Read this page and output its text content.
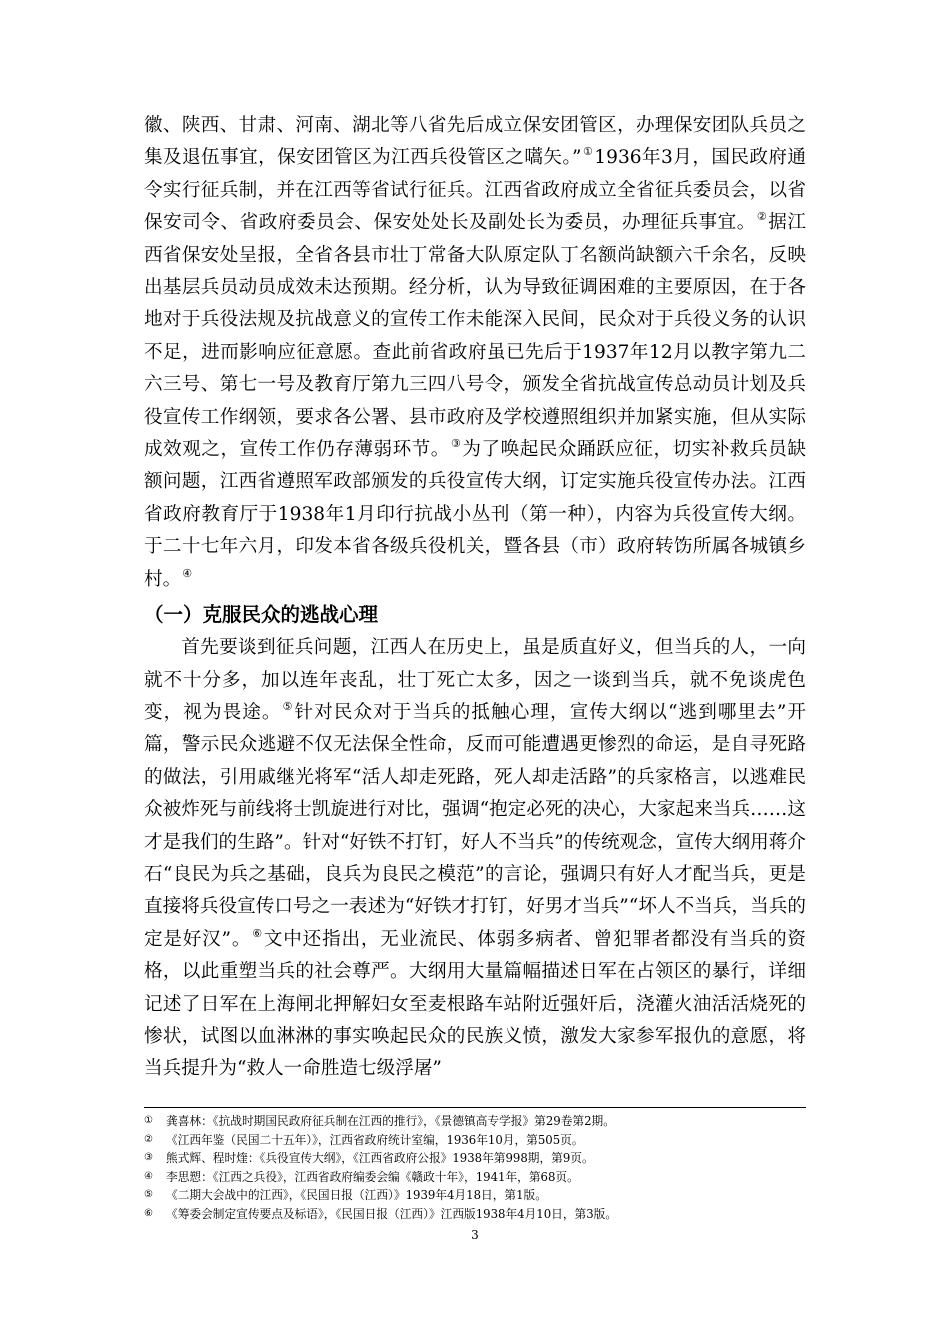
徽、陕西、甘肃、河南、湖北等八省先后成立保安团管区，办理保安团队兵员之集及退伍事宜，保安团管区为江西兵役管区之嚆矢。”①1936年3月，国民政府通令实行征兵制，并在江西等省试行征兵。江西省政府成立全省征兵委员会，以省保安司令、省政府委员会、保安处处长及副处长为委员，办理征兵事宜。②据江西省保安处呈报，全省各县市壮丁常备大队原定队丁名额尚缺额六千余名，反映出基层兵员动员成效未达预期。经分析，认为导致征调困难的主要原因，在于各地对于兵役法规及抗战意义的宣传工作未能深入民间，民众对于兵役义务的认识不足，进而影响应征意愿。查此前省政府虽已先后于1937年12月以教字第九二六三号、第七一号及教育厅第九三四八号令，颁发全省抗战宣传总动员计划及兵役宣传工作纲领，要求各公署、县市政府及学校遵照组织并加紧实施，但从实际成效观之，宣传工作仍存薄弱环节。③为了唤起民众踊跃应征，切实补救兵员缺额问题，江西省遵照军政部颁发的兵役宣传大纲，订定实施兵役宣传办法。江西省政府教育厅于1938年1月印行抗战小丛刊（第一种），内容为兵役宣传大纲。于二十七年六月，印发本省各级兵役机关，暨各县（市）政府转饬所属各城镇乡村。④

（一）克服民众的逃战心理

首先要谈到征兵问题，江西人在历史上，虽是质直好义，但当兵的人，一向就不十分多，加以连年丧乱，壮丁死亡太多，因之一谈到当兵，就不免谈虎色变，视为畏途。⑤针对民众对于当兵的抵触心理，宣传大纲以“逃到哪里去”开篇，警示民众逃避不仅无法保全性命，反而可能遭遇更惨烈的命运，是自寻死路的做法，引用戚继光将军“活人却走死路，死人却走活路”的兵家格言，以逃难民众被炸死与前线将士凯旋进行对比，强调“抱定必死的决心，大家起来当兵……这才是我们的生路”。针对“好铁不打钉，好人不当兵”的传统观念，宣传大纲用蒋介石“良民为兵之基础，良兵为良民之模范”的言论，强调只有好人才配当兵，更是直接将兵役宣传口号之一表述为“好铁才打钉，好男才当兵”“坏人不当兵，当兵的定是好汉”。⑥文中还指出，无业流民、体弱多病者、曾犯罪者都没有当兵的资格，以此重塑当兵的社会尊严。大纲用大量篇幅描述日军在占领区的暴行，详细记述了日军在上海闸北押解妇女至麦根路车站附近强奸后，浇灌火油活活烧死的惨状，试图以血淋淋的事实唤起民众的民族义愤，激发大家参军报仇的意愿，将当兵提升为“救人一命胜造七级浮屠”

① 龚喜林：《抗战时期国民政府征兵制在江西的推行》，《景德镇高专学报》第29卷第2期。
② 《江西年鉴（民国二十五年）》，江西省政府统计室编，1936年10月，第505页。
③ 熊式辉、程时煃：《兵役宣传大纲》，《江西省政府公报》1938年第998期，第9页。
④ 李思愬：《江西之兵役》，江西省政府编委会编《赣政十年》，1941年，第68页。
⑤ 《二期大会战中的江西》，《民国日报（江西）》1939年4月18日，第1版。
⑥ 《筹委会制定宣传要点及标语》，《民国日报（江西）》江西版1938年4月10日，第3版。
3
